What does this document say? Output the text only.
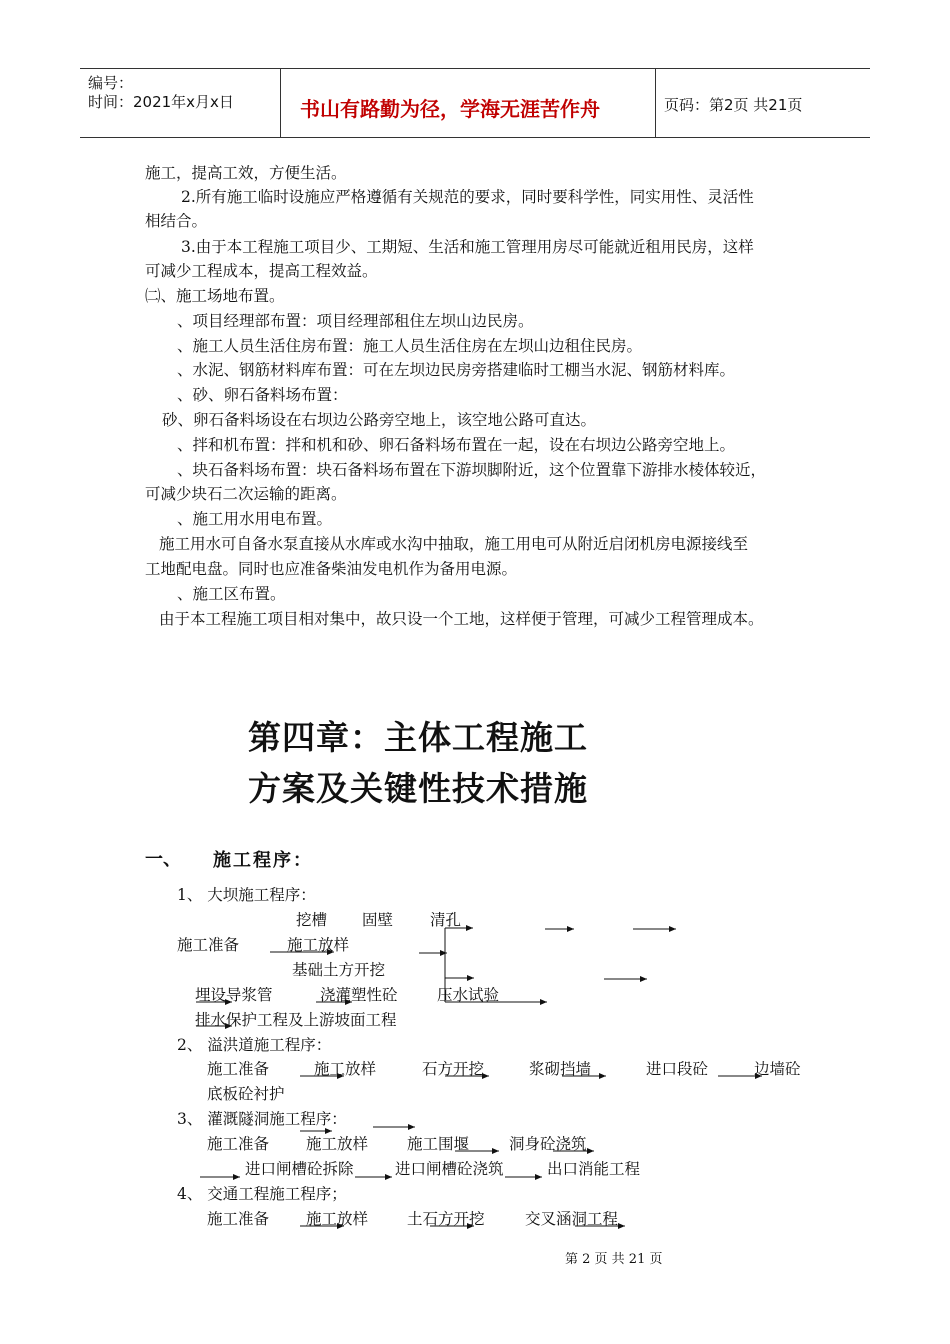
编号：
时间：2021年x月x日	书山有路勤为径，学海无涯苦作舟	页码：第2页 共21页
施工，提高工效，方便生活。
2.所有施工临时设施应严格遵循有关规范的要求，同时要科学性，同实用性、灵活性
相结合。
3.由于本工程施工项目少、工期短、生活和施工管理用房尽可能就近租用民房，这样
可减少工程成本，提高工程效益。
㈡、施工场地布置。
、项目经理部布置：项目经理部租住左坝山边民房。
、施工人员生活住房布置：施工人员生活住房在左坝山边租住民房。
、水泥、钢筋材料库布置：可在左坝边民房旁搭建临时工棚当水泥、钢筋材料库。
、砂、卵石备料场布置：
砂、卵石备料场设在右坝边公路旁空地上，该空地公路可直达。
、拌和机布置：拌和机和砂、卵石备料场布置在一起，设在右坝边公路旁空地上。
、块石备料场布置：块石备料场布置在下游坝脚附近，这个位置靠下游排水棱体较近，
可减少块石二次运输的距离。
、施工用水用电布置。
施工用水可自备水泵直接从水库或水沟中抽取，施工用电可从附近启闭机房电源接线至
工地配电盘。同时也应准备柴油发电机作为备用电源。
、施工区布置。
由于本工程施工项目相对集中，故只设一个工地，这样便于管理，可减少工程管理成本。
第四章：主体工程施工
方案及关键性技术措施
一、 施工程序：
1、 大坝施工程序：
挖槽 固壁 清孔
施工准备	施工放样
基础土方开挖
埋设导浆管	浇灌塑性砼	压水试验
排水保护工程及上游坡面工程
2、 溢洪道施工程序：
施工准备	施工放样	石方开挖	浆砌挡墙	进口段砼	边墙砼
底板砼衬护
3、 灌溉隧洞施工程序：
施工准备 施工放样	施工围堰	洞身砼浇筑
进口闸槽砼拆除	进口闸槽砼浇筑	出口消能工程
4、 交通工程施工程序；
施工准备 施工放样	土石方开挖	交叉涵洞工程
第 2 页 共 21 页
